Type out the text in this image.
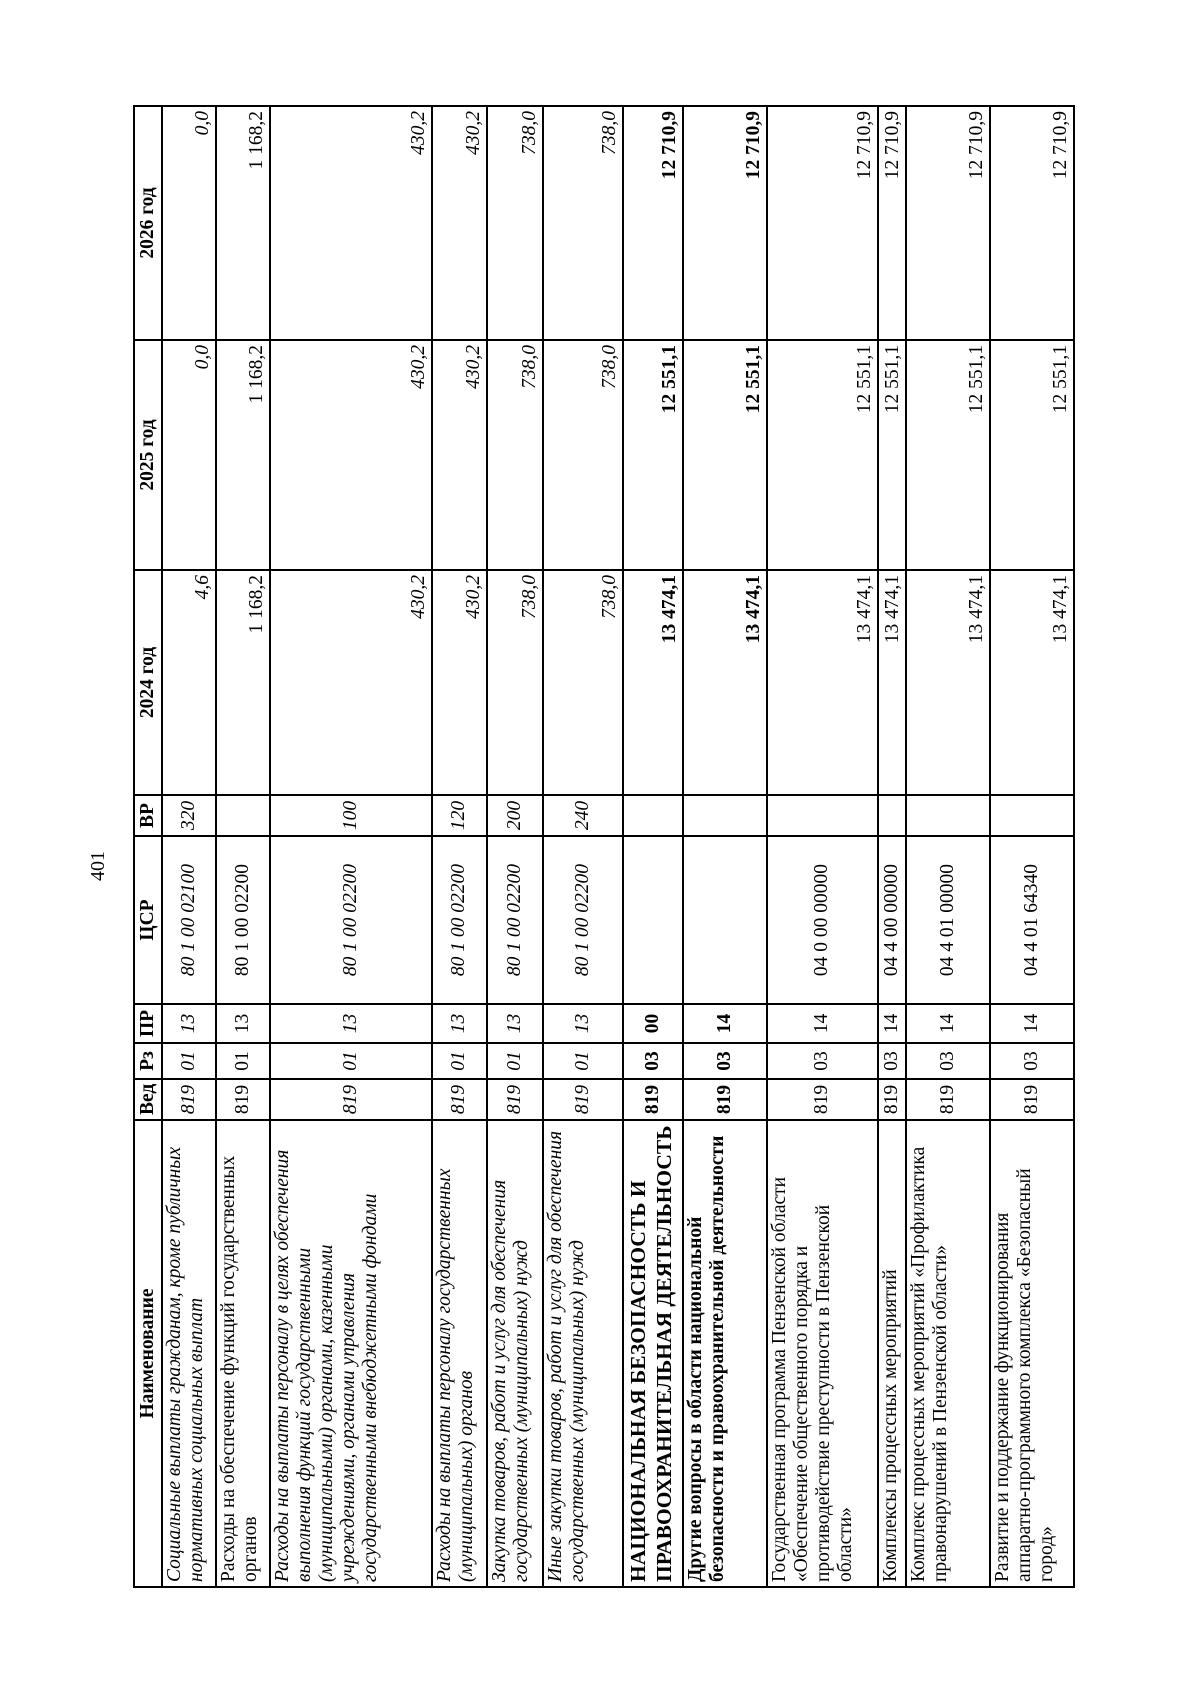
401
Наименование	Вед	Рз	ПР	ЦСР	ВР	2024 год	2025 год	2026 год
Социальные выплаты гражданам, кроме публичных нормативных социальных выплат	819	01	13	80 1 00 02100	320	4,6	0,0	0,0
Расходы на обеспечение функций государственных органов	819	01	13	80 1 00 02200		1 168,2	1 168,2	1 168,2
Расходы на выплаты персоналу в целях обеспечения выполнения функций государственными (муниципальными) органами, казенными учреждениями, органами управления государственными внебюджетными фондами	819	01	13	80 1 00 02200	100	430,2	430,2	430,2
Расходы на выплаты персоналу государственных (муниципальных) органов	819	01	13	80 1 00 02200	120	430,2	430,2	430,2
Закупка товаров, работ и услуг для обеспечения государственных (муниципальных) нужд	819	01	13	80 1 00 02200	200	738,0	738,0	738,0
Иные закупки товаров, работ и услуг для обеспечения государственных (муниципальных) нужд	819	01	13	80 1 00 02200	240	738,0	738,0	738,0
НАЦИОНАЛЬНАЯ БЕЗОПАСНОСТЬ И ПРАВООХРАНИТЕЛЬНАЯ ДЕЯТЕЛЬНОСТЬ	819	03	00			13 474,1	12 551,1	12 710,9
Другие вопросы в области национальной безопасности и правоохранительной деятельности	819	03	14			13 474,1	12 551,1	12 710,9
Государственная программа Пензенской области «Обеспечение общественного порядка и противодействие преступности в Пензенской области»	819	03	14	04 0 00 00000		13 474,1	12 551,1	12 710,9
Комплексы процессных мероприятий	819	03	14	04 4 00 00000		13 474,1	12 551,1	12 710,9
Комплекс процессных мероприятий «Профилактика правонарушений в Пензенской области»	819	03	14	04 4 01 00000		13 474,1	12 551,1	12 710,9
Развитие и поддержание функционирования аппаратно-программного комплекса «Безопасный город»	819	03	14	04 4 01 64340		13 474,1	12 551,1	12 710,9
